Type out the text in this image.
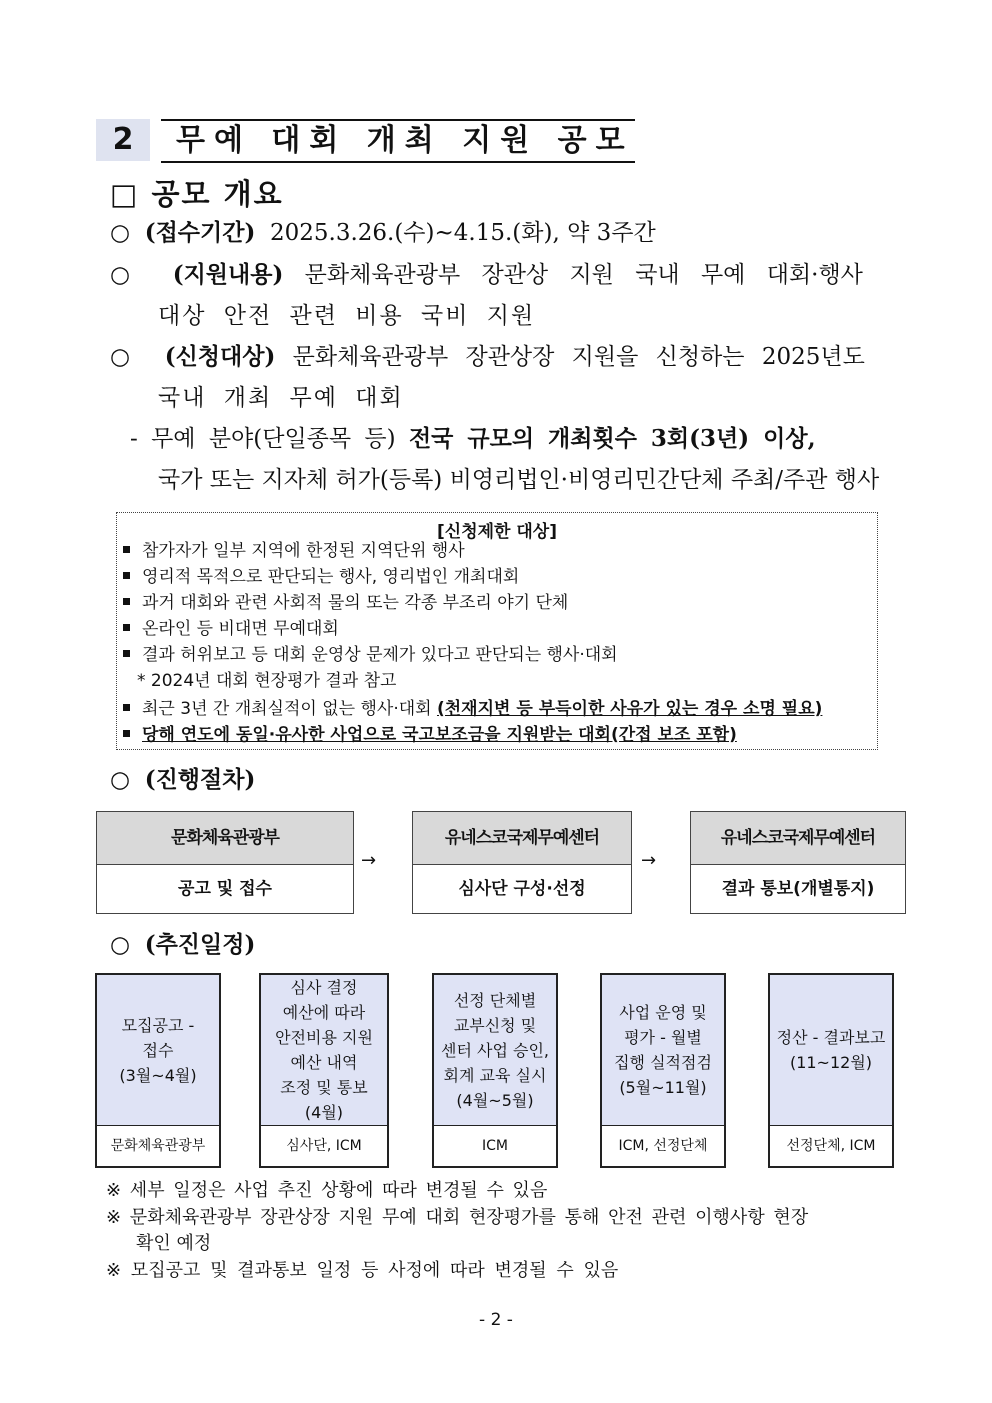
2	무예 대회 개최 지원 공모
□ 공모 개요
○  (접수기간) 2025.3.26.(수)~4.15.(화), 약 3주간
○  (지원내용) 문화체육관광부 장관상 지원 국내 무예 대회·행사
대상 안전 관련 비용 국비 지원
○  (신청대상) 문화체육관광부 장관상장 지원을 신청하는 2025년도
국내 개최 무예 대회
- 무예 분야(단일종목 등) 전국 규모의 개최횟수 3회(3년) 이상,
국가 또는 지자체 허가(등록) 비영리법인·비영리민간단체 주최/주관 행사
[신청제한 대상]
참가자가 일부 지역에 한정된 지역단위 행사
영리적 목적으로 판단되는 행사, 영리법인 개최대회
과거 대회와 관련 사회적 물의 또는 각종 부조리 야기 단체
온라인 등 비대면 무예대회
결과 허위보고 등 대회 운영상 문제가 있다고 판단되는 행사·대회
* 2024년 대회 현장평가 결과 참고
최근 3년 간 개최실적이 없는 행사·대회 (천재지변 등 부득이한 사유가 있는 경우 소명 필요)
당해 연도에 동일·유사한 사업으로 국고보조금을 지원받는 대회(간접 보조 포함)
○  (진행절차)
문화체육관광부
공고 및 접수
→
유네스코국제무예센터
심사단 구성·선정
→
유네스코국제무예센터
결과 통보(개별통지)
○  (추진일정)
모집공고 -
접수
(3월~4월)
문화체육관광부
심사 결정
예산에 따라
안전비용 지원
예산 내역
조정 및 통보
(4월)
심사단, ICM
선정 단체별
교부신청 및
센터 사업 승인,
회계 교육 실시
(4월~5월)
ICM
사업 운영 및
평가 - 월별
집행 실적점검
(5월~11월)
ICM, 선정단체
정산 - 결과보고
(11~12월)
선정단체, ICM
※ 세부 일정은 사업 추진 상황에 따라 변경될 수 있음
※ 문화체육관광부 장관상장 지원 무예 대회 현장평가를 통해 안전 관련 이행사항 현장
확인 예정
※ 모집공고 및 결과통보 일정 등 사정에 따라 변경될 수 있음
- 2 -
